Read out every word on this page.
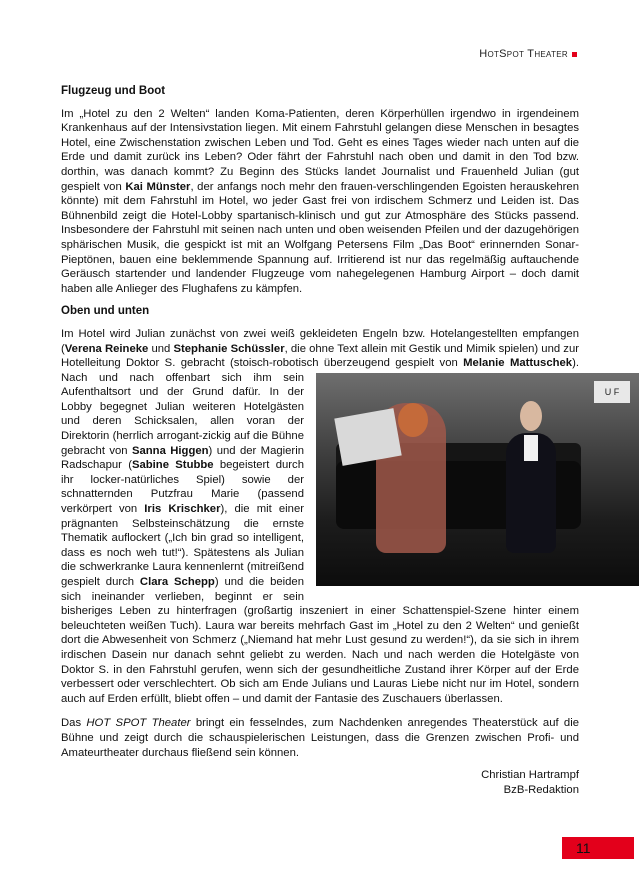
HotSpot Theater
Flugzeug und Boot

Im „Hotel zu den 2 Welten“ landen Koma-Patienten, deren Körperhüllen irgendwo in irgendeinem Krankenhaus auf der Intensivstation liegen. Mit einem Fahrstuhl gelangen diese Menschen in besagtes Hotel, eine Zwischenstation zwischen Leben und Tod. Geht es eines Tages wieder nach unten auf die Erde und damit zurück ins Leben? Oder fährt der Fahrstuhl nach oben und damit in den Tod bzw. dorthin, was danach kommt? Zu Beginn des Stücks landet Journalist und Frauenheld Julian (gut gespielt von Kai Münster, der anfangs noch mehr den frauen-verschlingenden Egoisten herauskehren könnte) mit dem Fahrstuhl im Hotel, wo jeder Gast frei von irdischem Schmerz und Leiden ist. Das Bühnenbild zeigt die Hotel-Lobby spartanisch-klinisch und gut zur Atmosphäre des Stücks passend. Insbesondere der Fahrstuhl mit seinen nach unten und oben weisenden Pfeilen und der dazugehörigen sphärischen Musik, die gespickt ist mit an Wolfgang Petersens Film „Das Boot“ erinnernden Sonar-Pieptönen, bauen eine beklemmende Spannung auf. Irritierend ist nur das regelmäßig auftauchende Geräusch startender und landender Flugzeuge vom nahegelegenen Hamburg Airport – doch damit haben alle Anlieger des Flughafens zu kämpfen.

Oben und unten

Im Hotel wird Julian zunächst von zwei weiß gekleideten Engeln bzw. Hotelangestellten empfangen (Verena Reineke und Stephanie Schüssler, die ohne Text allein mit Gestik und Mimik spielen) und zur Hotelleitung Doktor S. gebracht (stoisch-robotisch überzeugend gespielt von
U F
Melanie Mattuschek). Nach und nach offenbart sich ihm sein Aufenthaltsort und der Grund dafür. In der Lobby begegnet Julian weiteren Hotelgästen und deren Schicksalen, allen voran der Direktorin (herrlich arrogant-zickig auf die Bühne gebracht von Sanna Higgen) und der Magierin Radschapur (Sabine Stubbe begeistert durch ihr locker-natürliches Spiel) sowie der schnatternden Putzfrau Marie (passend verkörpert von Iris Krischker), die mit einer prägnanten Selbsteinschätzung die ernste Thematik auflockert („Ich bin grad so intelligent, dass es noch weh tut!“). Spätestens als Julian die schwerkranke Laura kennenlernt (mitreißend gespielt durch Clara Schepp) und die beiden sich ineinander verlieben, beginnt er sein bisheriges Leben zu hinterfragen (großartig inszeniert in einer Schattenspiel-Szene hinter einem beleuchteten weißen Tuch). Laura war bereits mehrfach Gast im „Hotel zu den 2 Welten“ und genießt dort die Abwesenheit von Schmerz („Niemand hat mehr Lust gesund zu werden!“), da sie sich in ihrem irdischen Dasein nur danach sehnt geliebt zu werden. Nach und nach werden die Hotelgäste von Doktor S. in den Fahrstuhl gerufen, wenn sich der gesundheitliche Zustand ihrer Körper auf der Erde verbessert oder verschlechtert. Ob sich am Ende Julians und Lauras Liebe nicht nur im Hotel, sondern auch auf Erden erfüllt, bliebt offen – und damit der Fantasie des Zuschauers überlassen.

Das HOT SPOT Theater bringt ein fesselndes, zum Nachdenken anregendes Theaterstück auf die Bühne und zeigt durch die schauspielerischen Leistungen, dass die Grenzen zwischen Profi- und Amateurtheater durchaus fließend sein können.

Christian Hartrampf
BzB-Redaktion
11
